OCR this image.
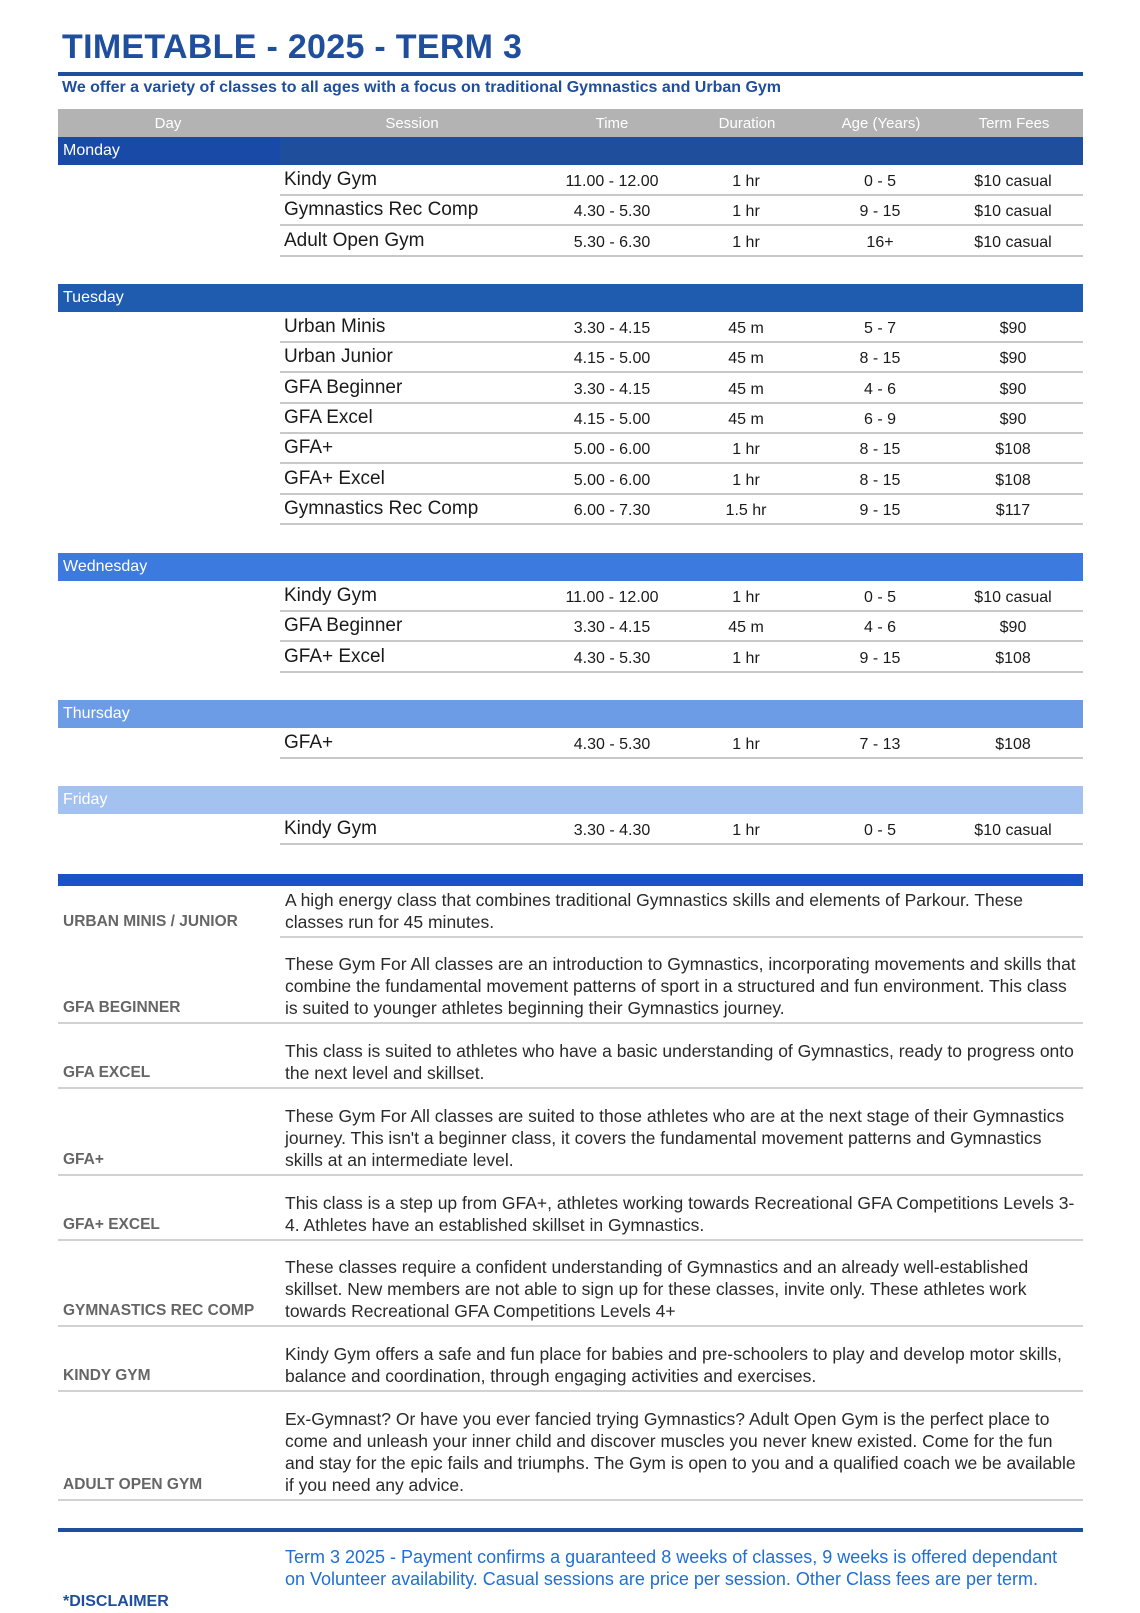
TIMETABLE - 2025 - TERM 3
We offer a variety of classes to all ages with a focus on traditional Gymnastics and Urban Gym
Day	Session	Time	Duration	Age (Years)	Term Fees
Monday
Kindy Gym	11.00 - 12.00	1 hr	0 - 5	$10 casual
Gymnastics Rec Comp	4.30 - 5.30	1 hr	9 - 15	$10 casual
Adult Open Gym	5.30 - 6.30	1 hr	16+	$10 casual
Tuesday
Urban Minis	3.30 - 4.15	45 m	5 - 7	$90
Urban Junior	4.15 - 5.00	45 m	8 - 15	$90
GFA Beginner	3.30 - 4.15	45 m	4 - 6	$90
GFA Excel	4.15 - 5.00	45 m	6 - 9	$90
GFA+	5.00 - 6.00	1 hr	8 - 15	$108
GFA+ Excel	5.00 - 6.00	1 hr	8 - 15	$108
Gymnastics Rec Comp	6.00 - 7.30	1.5 hr	9 - 15	$117
Wednesday
Kindy Gym	11.00 - 12.00	1 hr	0 - 5	$10 casual
GFA Beginner	3.30 - 4.15	45 m	4 - 6	$90
GFA+ Excel	4.30 - 5.30	1 hr	9 - 15	$108
Thursday
GFA+	4.30 - 5.30	1 hr	7 - 13	$108
Friday
Kindy Gym	3.30 - 4.30	1 hr	0 - 5	$10 casual
URBAN MINIS / JUNIOR
A high energy class that combines traditional Gymnastics skills and elements of Parkour. These classes run for 45 minutes.
GFA BEGINNER
These Gym For All classes are an introduction to Gymnastics, incorporating movements and skills that combine the fundamental movement patterns of sport in a structured and fun environment. This class is suited to younger athletes beginning their Gymnastics journey.
GFA EXCEL
This class is suited to athletes who have a basic understanding of Gymnastics, ready to progress onto the next level and skillset.
GFA+
These Gym For All classes are suited to those athletes who are at the next stage of their Gymnastics journey. This isn't a beginner class, it covers the fundamental movement patterns and Gymnastics skills at an intermediate level.
GFA+ EXCEL
This class is a step up from GFA+, athletes working towards Recreational GFA Competitions Levels 3-4. Athletes have an established skillset in Gymnastics.
GYMNASTICS REC COMP
These classes require a confident understanding of Gymnastics and an already well-established skillset. New members are not able to sign up for these classes, invite only. These athletes work towards Recreational GFA Competitions Levels 4+
KINDY GYM
Kindy Gym offers a safe and fun place for babies and pre-schoolers to play and develop motor skills, balance and coordination, through engaging activities and exercises.
ADULT OPEN GYM
Ex-Gymnast? Or have you ever fancied trying Gymnastics? Adult Open Gym is the perfect place to come and unleash your inner child and discover muscles you never knew existed. Come for the fun and stay for the epic fails and triumphs. The Gym is open to you and a qualified coach we be available if you need any advice.
*DISCLAIMER
Term 3 2025 - Payment confirms a guaranteed 8 weeks of classes, 9 weeks is offered dependant on Volunteer availability. Casual sessions are price per session. Other Class fees are per term.
